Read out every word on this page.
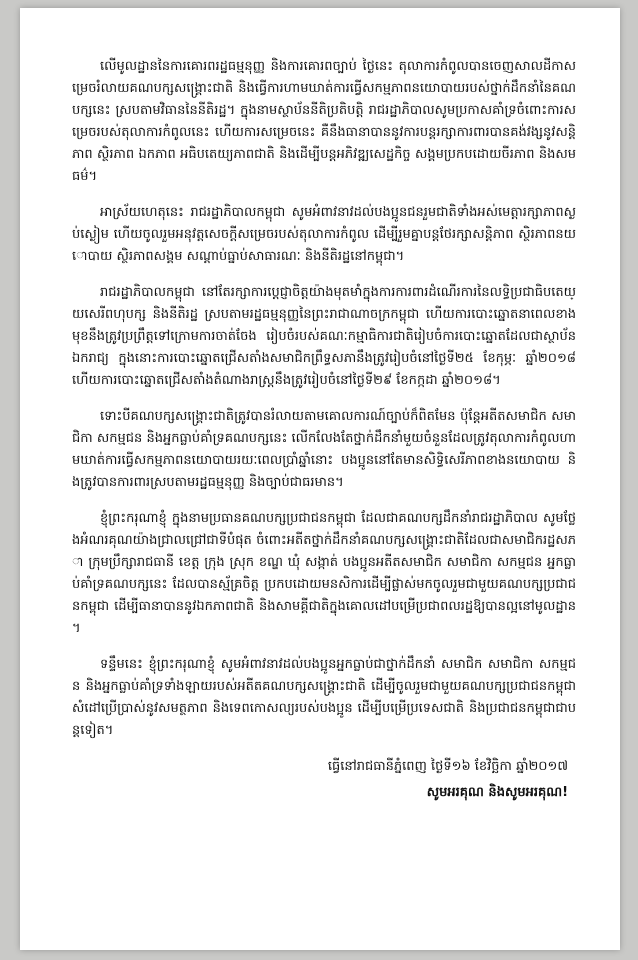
លើមូលដ្ឋាននៃការគោរពរដ្ឋធម្មនុញ្ញ និងការគោរពច្បាប់ ថ្ងៃនេះ តុលាការកំពូលបានចេញសាលដីកាសម្រេចរំលាយគណបក្សសង្គ្រោះជាតិ និងធ្វើការហាមឃាត់ការធ្វើសកម្មភាពនយោបាយរបស់ថ្នាក់ដឹកនាំនៃគណបក្សនេះ ស្របតាមវិធាននៃនីតិរដ្ឋ។ ក្នុងនាមស្ថាប័ននីតិប្រតិបត្តិ រាជរដ្ឋាភិបាលសូមប្រកាសគាំទ្រចំពោះការសម្រេចរបស់តុលាការកំពូលនេះ ហើយការសម្រេចនេះ គឺនឹងធានាបាននូវការបន្តរក្សាការពារបានគង់វង្សនូវសន្តិភាព ស្ថិរភាព ឯកភាព អធិបតេយ្យភាពជាតិ និងដើម្បីបន្តអភិវឌ្ឍសេដ្ឋកិច្ច សង្គមប្រកបដោយចីរភាព និងសមធម៌។

អាស្រ័យហេតុនេះ រាជរដ្ឋាភិបាលកម្ពុជា សូមអំពាវនាវដល់បងប្អូនជនរួមជាតិទាំងអស់មេត្តារក្សាភាពស្ងប់ស្ងៀម ហើយចូលរួមអនុវត្តសេចក្តីសម្រេចរបស់តុលាការកំពូល ដើម្បីរួមគ្នាបន្តថែរក្សាសន្តិភាព ស្ថិរភាពនយោបាយ ស្ថិរភាពសង្គម សណ្តាប់ធ្នាប់សាធារណៈ និងនីតិរដ្ឋនៅកម្ពុជា។

រាជរដ្ឋាភិបាលកម្ពុជា នៅតែរក្សាការប្តេជ្ញាចិត្តយ៉ាងមុតមាំក្នុងការការពារដំណើរការនៃលទ្ធិប្រជាធិបតេយ្យសេរីពហុបក្ស និងនីតិរដ្ឋ ស្របតាមរដ្ឋធម្មនុញ្ញនៃព្រះរាជាណាចក្រកម្ពុជា ហើយការបោះឆ្នោតនាពេលខាងមុខនឹងត្រូវប្រព្រឹត្តទៅក្រោមការចាត់ចែង រៀបចំរបស់គណៈកម្មាធិការជាតិរៀបចំការបោះឆ្នោតដែលជាស្ថាប័នឯករាជ្យ ក្នុងនោះការបោះឆ្នោតជ្រើសតាំងសមាជិកព្រឹទ្ធសភានឹងត្រូវរៀបចំនៅថ្ងៃទី២៥ ខែកុម្ភៈ ឆ្នាំ២០១៨ ហើយការបោះឆ្នោតជ្រើសតាំងតំណាងរាស្ត្រនឹងត្រូវរៀបចំនៅថ្ងៃទី២៩ ខែកក្កដា ឆ្នាំ២០១៨។

ទោះបីគណបក្សសង្គ្រោះជាតិត្រូវបានរំលាយតាមគោលការណ៍ច្បាប់ក៏ពិតមែន ប៉ុន្តែអតីតសមាជិក សមាជិកា សកម្មជន និងអ្នកធ្លាប់គាំទ្រគណបក្សនេះ លើកលែងតែថ្នាក់ដឹកនាំមួយចំនួនដែលត្រូវតុលាការកំពូលហាមឃាត់ការធ្វើសកម្មភាពនយោបាយរយៈពេលប្រាំឆ្នាំនោះ បងប្អូននៅតែមានសិទ្ធិសេរីភាពខាងនយោបាយ និងត្រូវបានការពារស្របតាមរដ្ឋធម្មនុញ្ញ និងច្បាប់ជាធរមាន។

ខ្ញុំព្រះករុណាខ្ញុំ ក្នុងនាមប្រធានគណបក្សប្រជាជនកម្ពុជា ដែលជាគណបក្សដឹកនាំរាជរដ្ឋាភិបាល សូមថ្លែងអំណរគុណយ៉ាងជ្រាលជ្រៅជាទីបំផុត ចំពោះអតីតថ្នាក់ដឹកនាំគណបក្សសង្គ្រោះជាតិដែលជាសមាជិករដ្ឋសភា ក្រុមប្រឹក្សារាជធានី ខេត្ត ក្រុង ស្រុក ខណ្ឌ ឃុំ សង្កាត់ បងប្អូនអតីតសមាជិក សមាជិកា សកម្មជន អ្នកធ្លាប់គាំទ្រគណបក្សនេះ ដែលបានស្ម័គ្រចិត្ត ប្រកបដោយមនសិការដើម្បីផ្លាស់មកចូលរួមជាមួយគណបក្សប្រជាជនកម្ពុជា ដើម្បីធានាបាននូវឯកភាពជាតិ និងសាមគ្គីជាតិក្នុងគោលដៅបម្រើប្រជាពលរដ្ឋឱ្យបានល្អនៅមូលដ្ឋាន។

ទន្ទឹមនេះ ខ្ញុំព្រះករុណាខ្ញុំ សូមអំពាវនាវដល់បងប្អូនអ្នកធ្លាប់ជាថ្នាក់ដឹកនាំ សមាជិក សមាជិកា សកម្មជន និងអ្នកធ្លាប់គាំទ្រទាំងឡាយរបស់អតីតគណបក្សសង្គ្រោះជាតិ ដើម្បីចូលរួមជាមួយគណបក្សប្រជាជនកម្ពុជា សំដៅប្រើប្រាស់នូវសមត្ថភាព និងទេពកោសល្យរបស់បងប្អូន ដើម្បីបម្រើប្រទេសជាតិ និងប្រជាជនកម្ពុជាជាបន្តទៀត។

ធ្វើនៅរាជធានីភ្នំពេញ ថ្ងៃទី១៦ ខែវិច្ឆិកា ឆ្នាំ២០១៧

សូមអរគុណ និងសូមអរគុណ!
